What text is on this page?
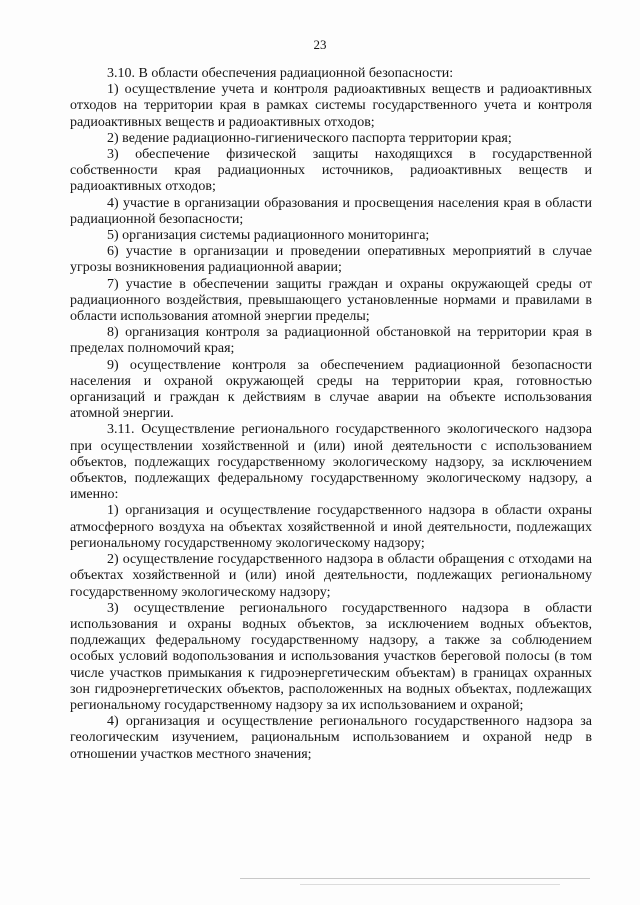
23

3.10. В области обеспечения радиационной безопасности:

1) осуществление учета и контроля радиоактивных веществ и радиоактивных отходов на территории края в рамках системы государственного учета и контроля радиоактивных веществ и радиоактивных отходов;

2) ведение радиационно-гигиенического паспорта территории края;

3) обеспечение физической защиты находящихся в государственной собственности края радиационных источников, радиоактивных веществ и радиоактивных отходов;

4) участие в организации образования и просвещения населения края в области радиационной безопасности;

5) организация системы радиационного мониторинга;

6) участие в организации и проведении оперативных мероприятий в случае угрозы возникновения радиационной аварии;

7) участие в обеспечении защиты граждан и охраны окружающей среды от радиационного воздействия, превышающего установленные нормами и правилами в области использования атомной энергии пределы;

8) организация контроля за радиационной обстановкой на территории края в пределах полномочий края;

9) осуществление контроля за обеспечением радиационной безопасности населения и охраной окружающей среды на территории края, готовностью организаций и граждан к действиям в случае аварии на объекте использования атомной энергии.

3.11. Осуществление регионального государственного экологического надзора при осуществлении хозяйственной и (или) иной деятельности с использованием объектов, подлежащих государственному экологическому надзору, за исключением объектов, подлежащих федеральному государственному экологическому надзору, а именно:

1) организация и осуществление государственного надзора в области охраны атмосферного воздуха на объектах хозяйственной и иной деятельности, подлежащих региональному государственному экологическому надзору;

2) осуществление государственного надзора в области обращения с отходами на объектах хозяйственной и (или) иной деятельности, подлежащих региональному государственному экологическому надзору;

3) осуществление регионального государственного надзора в области использования и охраны водных объектов, за исключением водных объектов, подлежащих федеральному государственному надзору, а также за соблюдением особых условий водопользования и использования участков береговой полосы (в том числе участков примыкания к гидроэнергетическим объектам) в границах охранных зон гидроэнергетических объектов, расположенных на водных объектах, подлежащих региональному государственному надзору за их использованием и охраной;

4) организация и осуществление регионального государственного надзора за геологическим изучением, рациональным использованием и охраной недр в отношении участков местного значения;
